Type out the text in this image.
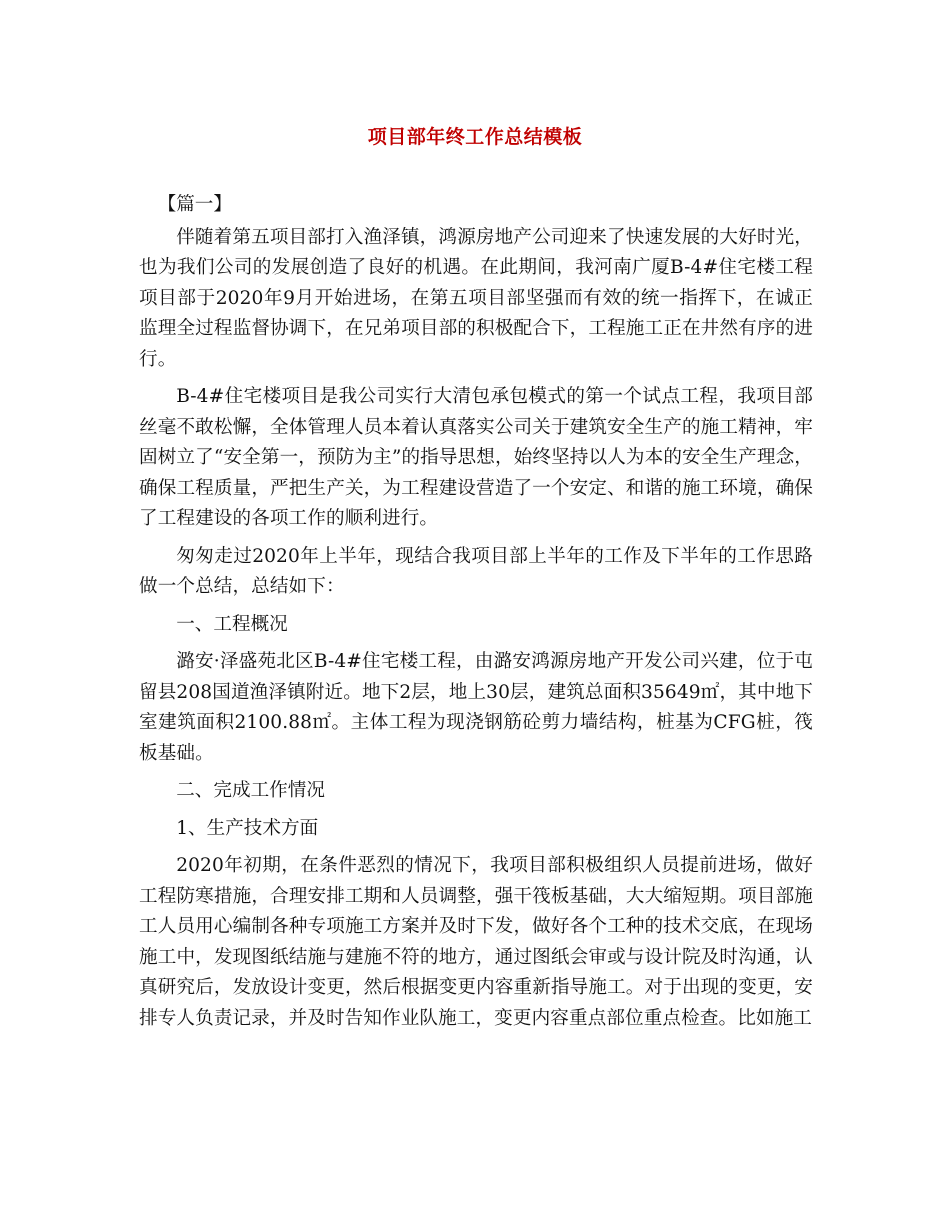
项目部年终工作总结模板

【篇一】

伴随着第五项目部打入渔泽镇，鸿源房地产公司迎来了快速发展的大好时光，也为我们公司的发展创造了良好的机遇。在此期间，我河南广厦B-4#住宅楼工程项目部于2020年9月开始进场，在第五项目部坚强而有效的统一指挥下，在诚正监理全过程监督协调下，在兄弟项目部的积极配合下，工程施工正在井然有序的进行。

B-4#住宅楼项目是我公司实行大清包承包模式的第一个试点工程，我项目部丝毫不敢松懈，全体管理人员本着认真落实公司关于建筑安全生产的施工精神，牢固树立了“安全第一，预防为主”的指导思想，始终坚持以人为本的安全生产理念，确保工程质量，严把生产关，为工程建设营造了一个安定、和谐的施工环境，确保了工程建设的各项工作的顺利进行。

匆匆走过2020年上半年，现结合我项目部上半年的工作及下半年的工作思路做一个总结，总结如下：

一、工程概况

潞安·泽盛苑北区B-4#住宅楼工程，由潞安鸿源房地产开发公司兴建，位于屯留县208国道渔泽镇附近。地下2层，地上30层，建筑总面积35649㎡，其中地下室建筑面积2100.88㎡。主体工程为现浇钢筋砼剪力墙结构，桩基为CFG桩，筏板基础。

二、完成工作情况

1、生产技术方面

2020年初期，在条件恶烈的情况下，我项目部积极组织人员提前进场，做好工程防寒措施，合理安排工期和人员调整，强干筏板基础，大大缩短期。项目部施工人员用心编制各种专项施工方案并及时下发，做好各个工种的技术交底，在现场施工中，发现图纸结施与建施不符的地方，通过图纸会审或与设计院及时沟通，认真研究后，发放设计变更，然后根据变更内容重新指导施工。对于出现的变更，安排专人负责记录，并及时告知作业队施工，变更内容重点部位重点检查。比如施工
